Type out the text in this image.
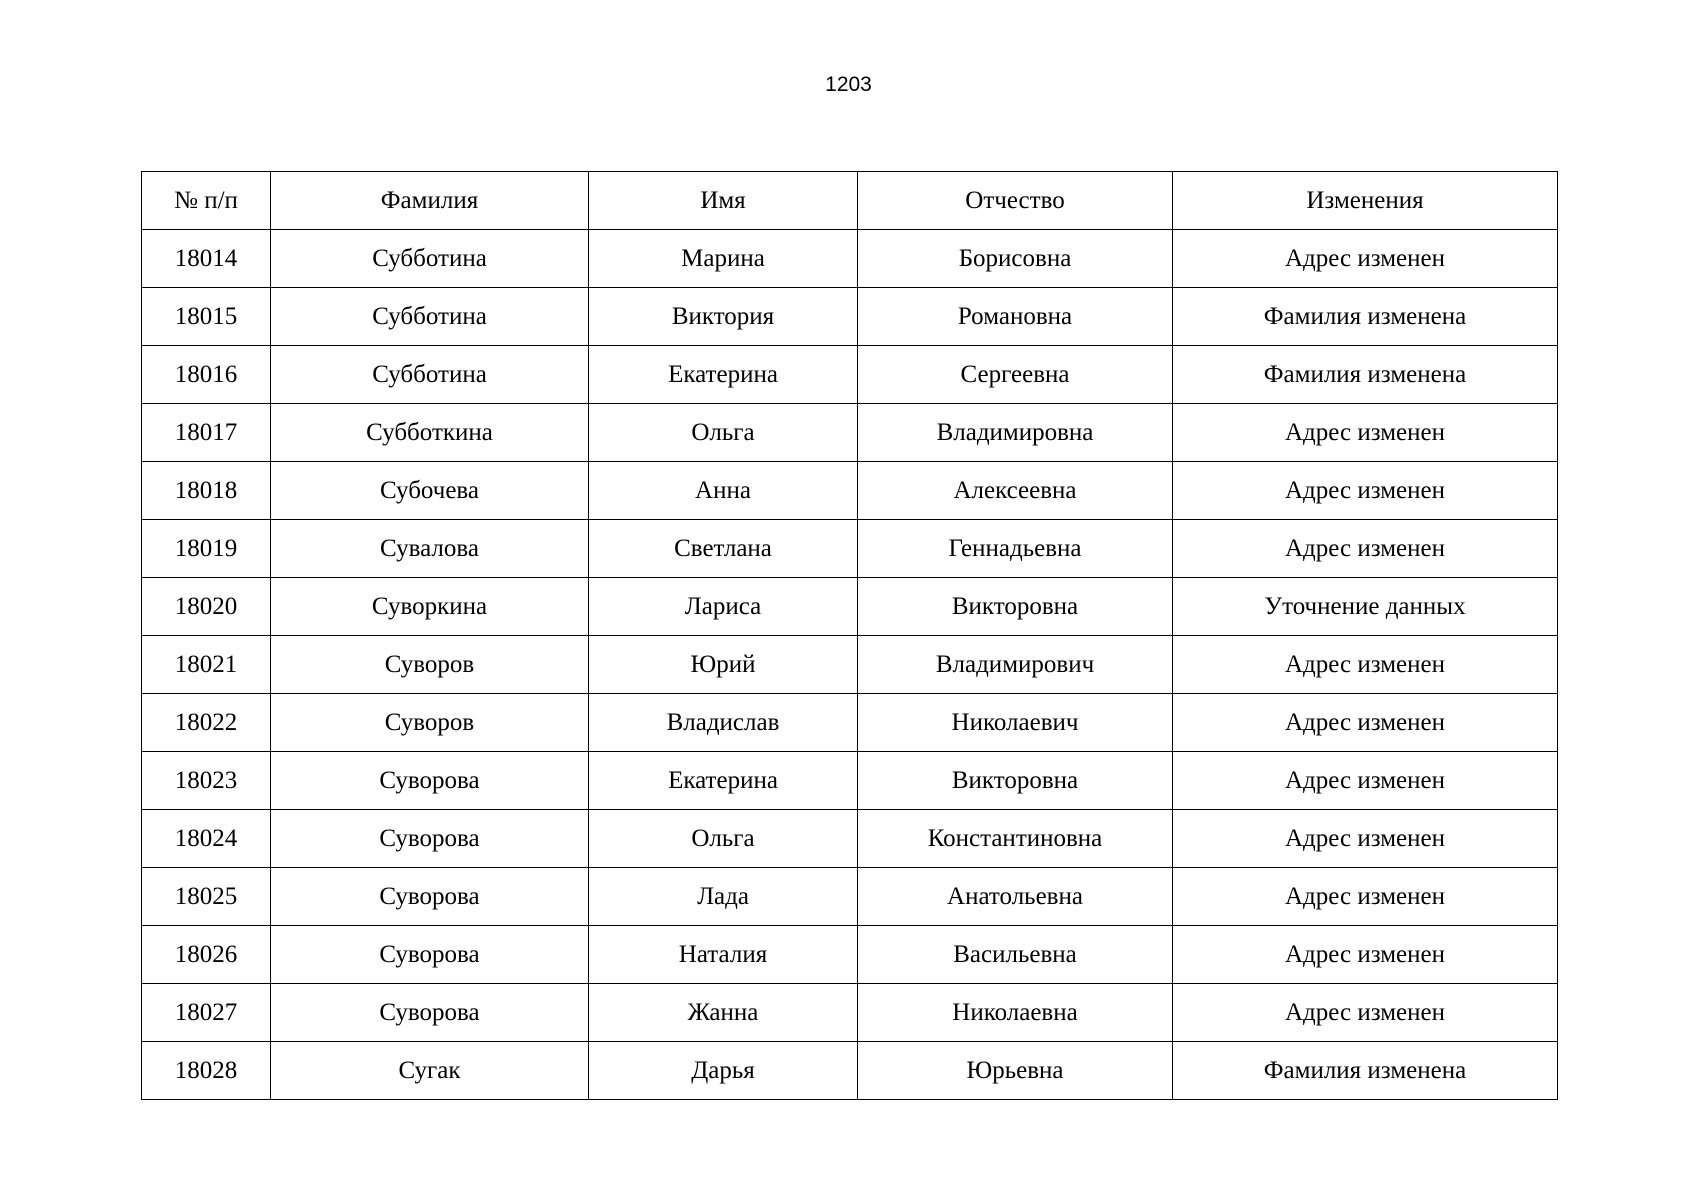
1203
№ п/п	Фамилия	Имя	Отчество	Изменения
18014	Субботина	Марина	Борисовна	Адрес изменен
18015	Субботина	Виктория	Романовна	Фамилия изменена
18016	Субботина	Екатерина	Сергеевна	Фамилия изменена
18017	Субботкина	Ольга	Владимировна	Адрес изменен
18018	Субочева	Анна	Алексеевна	Адрес изменен
18019	Сувалова	Светлана	Геннадьевна	Адрес изменен
18020	Суворкина	Лариса	Викторовна	Уточнение данных
18021	Суворов	Юрий	Владимирович	Адрес изменен
18022	Суворов	Владислав	Николаевич	Адрес изменен
18023	Суворова	Екатерина	Викторовна	Адрес изменен
18024	Суворова	Ольга	Константиновна	Адрес изменен
18025	Суворова	Лада	Анатольевна	Адрес изменен
18026	Суворова	Наталия	Васильевна	Адрес изменен
18027	Суворова	Жанна	Николаевна	Адрес изменен
18028	Сугак	Дарья	Юрьевна	Фамилия изменена
